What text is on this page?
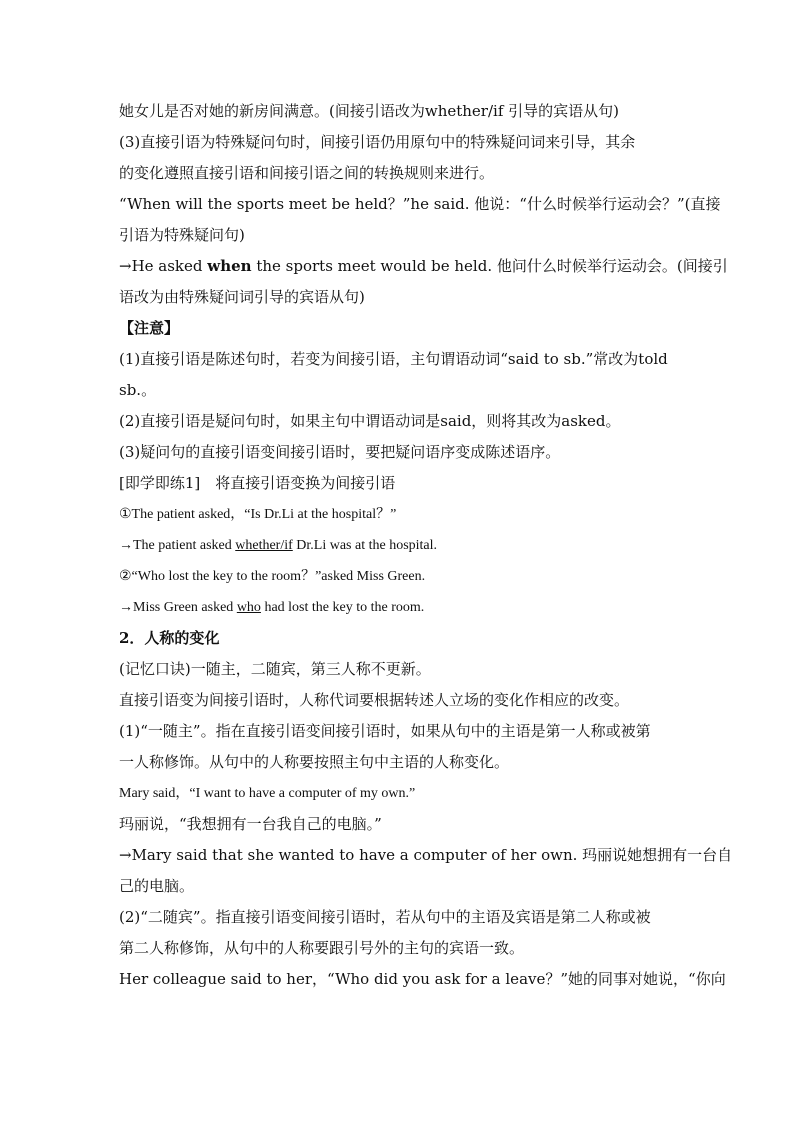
她女儿是否对她的新房间满意。(间接引语改为whether/if 引导的宾语从句)
(3)直接引语为特殊疑问句时，间接引语仍用原句中的特殊疑问词来引导，其余
的变化遵照直接引语和间接引语之间的转换规则来进行。
“When will the sports meet be held？”he said. 他说：“什么时候举行运动会？”(直接
引语为特殊疑问句)
→He asked when the sports meet would be held. 他问什么时候举行运动会。(间接引
语改为由特殊疑问词引导的宾语从句)
【注意】
(1)直接引语是陈述句时，若变为间接引语，主句谓语动词“said to sb.”常改为told
sb.。
(2)直接引语是疑问句时，如果主句中谓语动词是said，则将其改为asked。
(3)疑问句的直接引语变间接引语时，要把疑问语序变成陈述语序。
[即学即练1]　将直接引语变换为间接引语
①The patient asked，“Is Dr.Li at the hospital？”
→The patient asked whether/if Dr.Li was at the hospital.
②“Who lost the key to the room？”asked Miss Green.
→Miss Green asked who had lost the key to the room.
2．人称的变化
(记忆口诀)一随主，二随宾，第三人称不更新。
直接引语变为间接引语时，人称代词要根据转述人立场的变化作相应的改变。
(1)“一随主”。指在直接引语变间接引语时，如果从句中的主语是第一人称或被第
一人称修饰。从句中的人称要按照主句中主语的人称变化。
Mary said，“I want to have a computer of my own.”
玛丽说，“我想拥有一台我自己的电脑。”
→Mary said that she wanted to have a computer of her own. 玛丽说她想拥有一台自
己的电脑。
(2)“二随宾”。指直接引语变间接引语时，若从句中的主语及宾语是第二人称或被
第二人称修饰，从句中的人称要跟引号外的主句的宾语一致。
Her colleague said to her，“Who did you ask for a leave？”她的同事对她说，“你向
